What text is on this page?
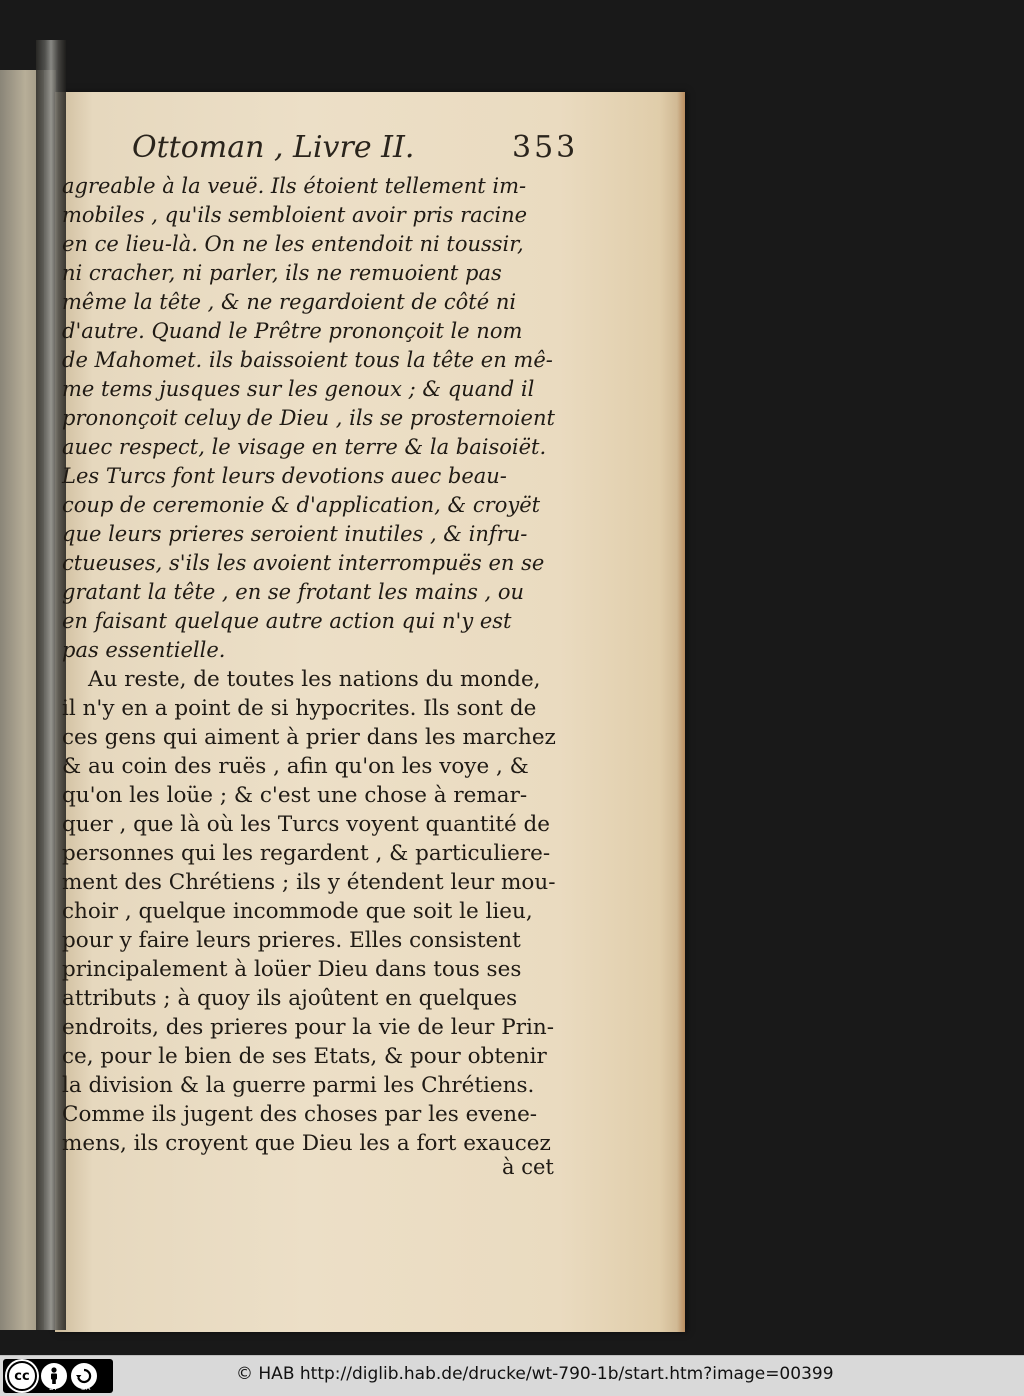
Ottoman , Livre II.	353
agreable à la veuë. Ils étoient tellement im-
mobiles , qu'ils sembloient avoir pris racine
en ce lieu-là. On ne les entendoit ni toussir,
ni cracher, ni parler, ils ne remuoient pas
même la tête , & ne regardoient de côté ni
d'autre. Quand le Prêtre prononçoit le nom
de Mahomet. ils baissoient tous la tête en mê-
me tems jusques sur les genoux ; & quand il
prononçoit celuy de Dieu , ils se prosternoient
auec respect, le visage en terre & la baisoiët.
Les Turcs font leurs devotions auec beau-
coup de ceremonie & d'application, & croyët
que leurs prieres seroient inutiles , & infru-
ctueuses, s'ils les avoient interrompuës en se
gratant la tête , en se frotant les mains , ou
en faisant quelque autre action qui n'y est
pas essentielle.
Au reste, de toutes les nations du monde,
il n'y en a point de si hypocrites. Ils sont de
ces gens qui aiment à prier dans les marchez
& au coin des ruës , afin qu'on les voye , &
qu'on les loüe ; & c'est une chose à remar-
quer , que là où les Turcs voyent quantité de
personnes qui les regardent , & particuliere-
ment des Chrétiens ; ils y étendent leur mou-
choir , quelque incommode que soit le lieu,
pour y faire leurs prieres. Elles consistent
principalement à loüer Dieu dans tous ses
attributs ; à quoy ils ajoûtent en quelques
endroits, des prieres pour la vie de leur Prin-
ce, pour le bien de ses Etats, & pour obtenir
la division & la guerre parmi les Chrétiens.
Comme ils jugent des choses par les evene-
mens, ils croyent que Dieu les a fort exaucez
à cet
cc
BY	SA
© HAB http://diglib.hab.de/drucke/wt-790-1b/start.htm?image=00399
